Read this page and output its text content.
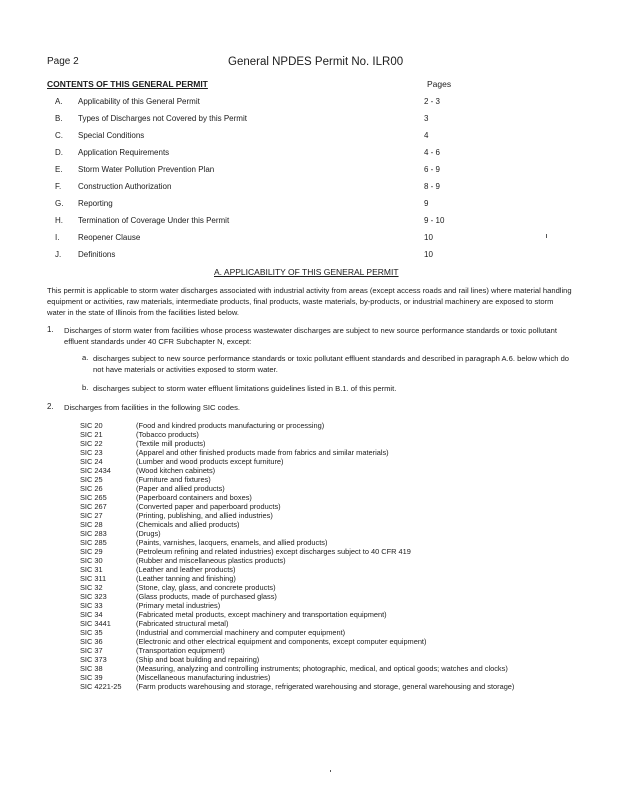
Page 2	General NPDES Permit No. ILR00
CONTENTS OF THIS GENERAL PERMIT	Pages
A.	Applicability of this General Permit	2 - 3
B.	Types of Discharges not Covered by this Permit	3
C.	Special Conditions	4
D.	Application Requirements	4 - 6
E.	Storm Water Pollution Prevention Plan	6 - 9
F.	Construction Authorization	8 - 9
G.	Reporting	9
H.	Termination of Coverage Under this Permit	9 - 10
I.	Reopener Clause	10
J.	Definitions	10
A. APPLICABILITY OF THIS GENERAL PERMIT
This permit is applicable to storm water discharges associated with industrial activity from areas (except access roads and rail lines) where material handling equipment or activities, raw materials, intermediate products, final products, waste materials, by-products, or industrial machinery are exposed to storm water in the state of Illinois from the facilities listed below.
1. Discharges of storm water from facilities whose process wastewater discharges are subject to new source performance standards or toxic pollutant effluent standards under 40 CFR Subchapter N, except:
a. discharges subject to new source performance standards or toxic pollutant effluent standards and described in paragraph A.6. below which do not have materials or activities exposed to storm water.
b. discharges subject to storm water effluent limitations guidelines listed in B.1. of this permit.
2. Discharges from facilities in the following SIC codes.
SIC 20	(Food and kindred products manufacturing or processing)
SIC 21	(Tobacco products)
SIC 22	(Textile mill products)
SIC 23	(Apparel and other finished products made from fabrics and similar materials)
SIC 24	(Lumber and wood products except furniture)
SIC 2434	(Wood kitchen cabinets)
SIC 25	(Furniture and fixtures)
SIC 26	(Paper and allied products)
SIC 265	(Paperboard containers and boxes)
SIC 267	(Converted paper and paperboard products)
SIC 27	(Printing, publishing, and allied industries)
SIC 28	(Chemicals and allied products)
SIC 283	(Drugs)
SIC 285	(Paints, varnishes, lacquers, enamels, and allied products)
SIC 29	(Petroleum refining and related industries) except discharges subject to 40 CFR 419
SIC 30	(Rubber and miscellaneous plastics products)
SIC 31	(Leather and leather products)
SIC 311	(Leather tanning and finishing)
SIC 32	(Stone, clay, glass, and concrete products)
SIC 323	(Glass products, made of purchased glass)
SIC 33	(Primary metal industries)
SIC 34	(Fabricated metal products, except machinery and transportation equipment)
SIC 3441	(Fabricated structural metal)
SIC 35	(Industrial and commercial machinery and computer equipment)
SIC 36	(Electronic and other electrical equipment and components, except computer equipment)
SIC 37	(Transportation equipment)
SIC 373	(Ship and boat building and repairing)
SIC 38	(Measuring, analyzing and controlling instruments; photographic, medical, and optical goods; watches and clocks)
SIC 39	(Miscellaneous manufacturing industries)
SIC 4221-25 (Farm products warehousing and storage, refrigerated warehousing and storage, general warehousing and storage)
